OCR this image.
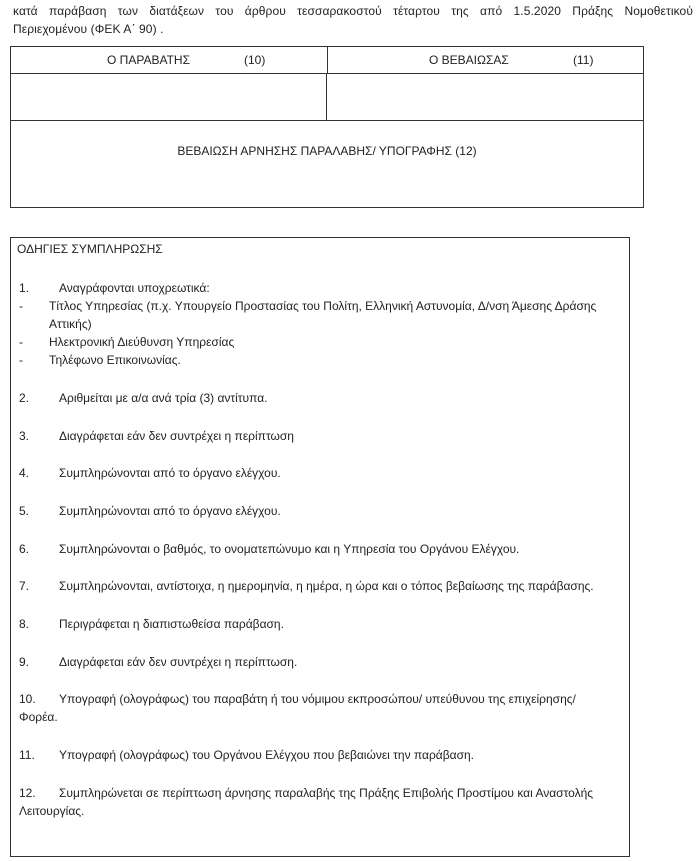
κατά παράβαση των διατάξεων του άρθρου τεσσαρακοστού τέταρτου της από 1.5.2020 Πράξης Νομοθετικού
Περιεχομένου (ΦΕΚ Α΄ 90) .
Ο ΠΑΡΑΒΑΤΗΣ	(10)	Ο ΒΕΒΑΙΩΣΑΣ	(11)
ΒΕΒΑΙΩΣΗ ΑΡΝΗΣΗΣ ΠΑΡΑΛΑΒΗΣ/ ΥΠΟΓΡΑΦΗΣ (12)
ΟΔΗΓΙΕΣ ΣΥΜΠΛΗΡΩΣΗΣ
1. Αναγράφονται υποχρεωτικά:
- Τίτλος Υπηρεσίας (π.χ. Υπουργείο Προστασίας του Πολίτη, Ελληνική Αστυνομία, Δ/νση Άμεσης Δράσης
Αττικής)
- Ηλεκτρονική Διεύθυνση Υπηρεσίας
- Τηλέφωνο Επικοινωνίας.
2. Αριθμείται με α/α ανά τρία (3) αντίτυπα.
3. Διαγράφεται εάν δεν συντρέχει η περίπτωση
4. Συμπληρώνονται από το όργανο ελέγχου.
5. Συμπληρώνονται από το όργανο ελέγχου.
6. Συμπληρώνονται ο βαθμός, το ονοματεπώνυμο και η Υπηρεσία του Οργάνου Ελέγχου.
7. Συμπληρώνονται, αντίστοιχα, η ημερομηνία, η ημέρα, η ώρα και ο τόπος βεβαίωσης της παράβασης.
8. Περιγράφεται η διαπιστωθείσα παράβαση.
9. Διαγράφεται εάν δεν συντρέχει η περίπτωση.
10. Υπογραφή (ολογράφως) του παραβάτη ή του νόμιμου εκπροσώπου/ υπεύθυνου της επιχείρησης/
Φορέα.
11. Υπογραφή (ολογράφως) του Οργάνου Ελέγχου που βεβαιώνει την παράβαση.
12. Συμπληρώνεται σε περίπτωση άρνησης παραλαβής της Πράξης Επιβολής Προστίμου και Αναστολής
Λειτουργίας.
